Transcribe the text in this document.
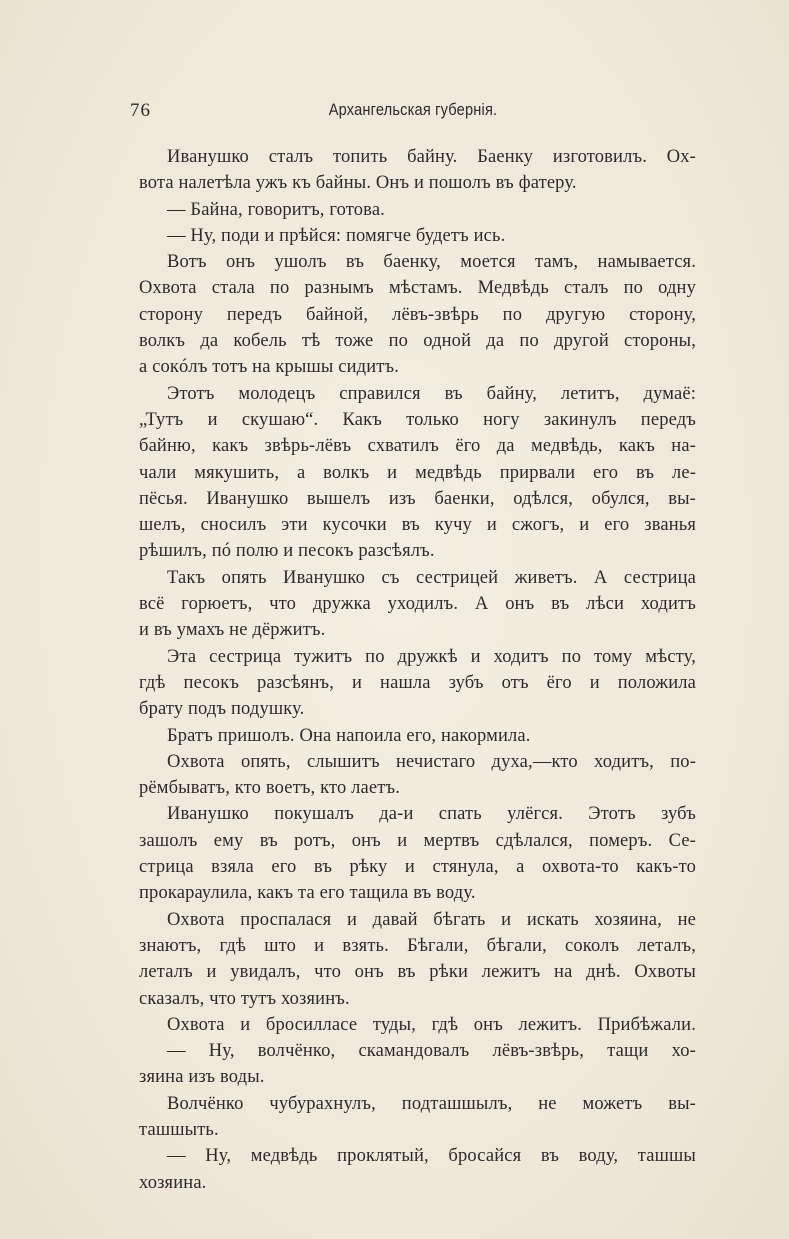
76	Архангельская губернія.
Иванушко сталъ топить байну. Баенку изготовилъ. Ох-
вота налетѣла ужъ къ байны. Онъ и пошолъ въ фатеру.
— Байна, говоритъ, готова.
— Ну, поди и прѣйся: помягче будетъ ись.
Вотъ онъ ушолъ въ баенку, моется тамъ, намывается.
Охвота стала по разнымъ мѣстамъ. Медвѣдь сталъ по одну
сторону передъ байной, лёвъ-звѣрь по другую сторону,
волкъ да кобель тѣ тоже по одной да по другой стороны,
a сокóлъ тотъ на крышы сидитъ.
Этотъ молодецъ справился въ байну, летитъ, думаё:
„Тутъ и скушаю“. Какъ только ногу закинулъ передъ
байню, какъ звѣрь-лёвъ схватилъ ёго да медвѣдь, какъ на-
чали мякушить, а волкъ и медвѣдь прирвали его въ ле-
пёсья. Иванушко вышелъ изъ баенки, одѣлся, обулся, вы-
шелъ, сносилъ эти кусочки въ кучу и сжогъ, и его званья
рѣшилъ, пó полю и песокъ разсѣялъ.
Такъ опять Иванушко съ сестрицей живетъ. А сестрица
всё горюетъ, что дружка уходилъ. А онъ въ лѣси ходитъ
и въ умахъ не дёржитъ.
Эта сестрица тужитъ по дружкѣ и ходитъ по тому мѣсту,
гдѣ песокъ разсѣянъ, и нашла зубъ отъ ёго и положила
брату подъ подушку.
Братъ пришолъ. Она напоила его, накормила.
Охвота опять, слышитъ нечистаго духа,—кто ходитъ, по-
рёмбыватъ, кто воетъ, кто лаетъ.
Иванушко покушалъ да-и спать улёгся. Этотъ зубъ
зашолъ ему въ ротъ, онъ и мертвъ сдѣлался, померъ. Се-
стрица взяла его въ рѣку и стянула, а охвота-то какъ-то
прокараулила, какъ та его тащила въ воду.
Охвота проспалася и давай бѣгать и искать хозяина, не
знаютъ, гдѣ што и взять. Бѣгали, бѣгали, соколъ леталъ,
леталъ и увидалъ, что онъ въ рѣки лежитъ на днѣ. Охвоты
сказалъ, что тутъ хозяинъ.
Охвота и бросилласе туды, гдѣ онъ лежитъ. Прибѣжали.
— Ну, волчёнко, скамандовалъ лёвъ-звѣрь, тащи хо-
зяина изъ воды.
Волчёнко чубурахнулъ, подташшылъ, не можетъ вы-
ташшыть.
— Ну, медвѣдь проклятый, бросайся въ воду, ташшы
хозяина.
